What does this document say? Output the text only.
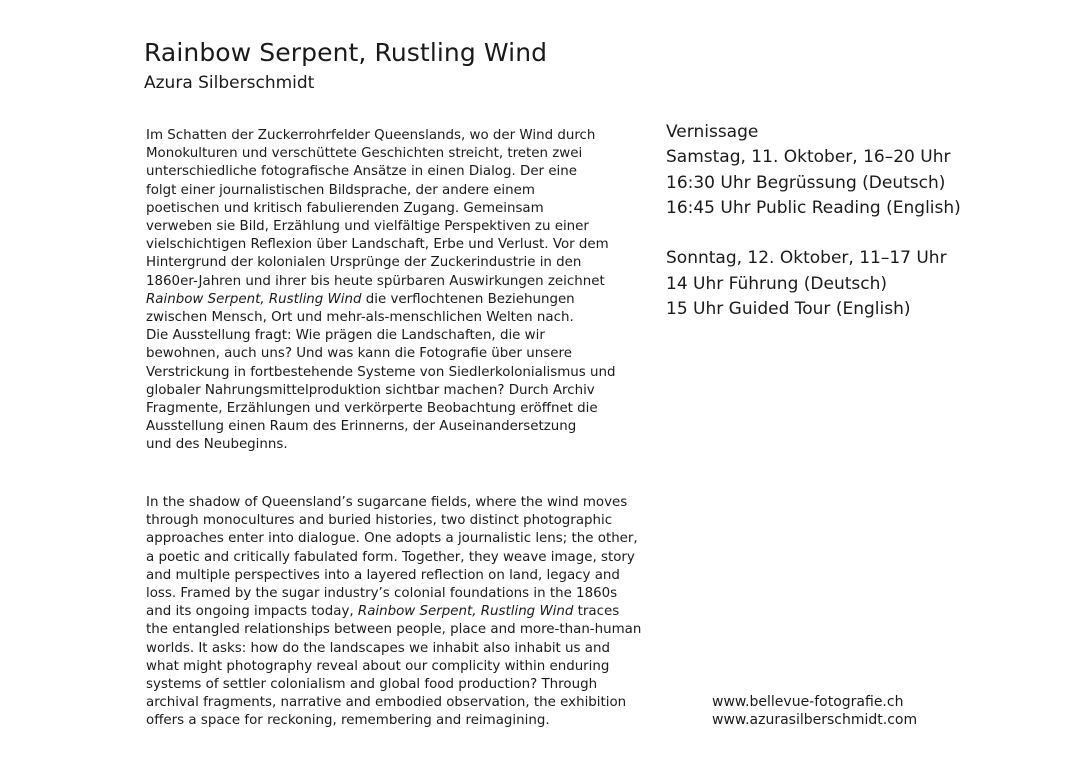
Rainbow Serpent, Rustling Wind
Azura Silberschmidt
Im Schatten der Zuckerrohrfelder Queenslands, wo der Wind durch
Monokulturen und verschüttete Geschichten streicht, treten zwei
unterschiedliche fotografische Ansätze in einen Dialog. Der eine
folgt einer journalistischen Bildsprache, der andere einem
poetischen und kritisch fabulierenden Zugang. Gemeinsam
verweben sie Bild, Erzählung und vielfältige Perspektiven zu einer
vielschichtigen Reflexion über Landschaft, Erbe und Verlust. Vor dem
Hintergrund der kolonialen Ursprünge der Zuckerindustrie in den
1860er-Jahren und ihrer bis heute spürbaren Auswirkungen zeichnet
Rainbow Serpent, Rustling Wind die verflochtenen Beziehungen
zwischen Mensch, Ort und mehr-als-menschlichen Welten nach.
Die Ausstellung fragt: Wie prägen die Landschaften, die wir
bewohnen, auch uns? Und was kann die Fotografie über unsere
Verstrickung in fortbestehende Systeme von Siedlerkolonialismus und
globaler Nahrungsmittelproduktion sichtbar machen? Durch Archiv
Fragmente, Erzählungen und verkörperte Beobachtung eröffnet die
Ausstellung einen Raum des Erinnerns, der Auseinandersetzung
und des Neubeginns.
In the shadow of Queensland’s sugarcane fields, where the wind moves
through monocultures and buried histories, two distinct photographic
approaches enter into dialogue. One adopts a journalistic lens; the other,
a poetic and critically fabulated form. Together, they weave image, story
and multiple perspectives into a layered reflection on land, legacy and
loss. Framed by the sugar industry’s colonial foundations in the 1860s
and its ongoing impacts today, Rainbow Serpent, Rustling Wind traces
the entangled relationships between people, place and more-than-human
worlds. It asks: how do the landscapes we inhabit also inhabit us and
what might photography reveal about our complicity within enduring
systems of settler colonialism and global food production? Through
archival fragments, narrative and embodied observation, the exhibition
offers a space for reckoning, remembering and reimagining.
Vernissage
Samstag, 11. Oktober, 16–20 Uhr
16:30 Uhr Begrüssung (Deutsch)
16:45 Uhr Public Reading (English)
Sonntag, 12. Oktober, 11–17 Uhr
14 Uhr Führung (Deutsch)
15 Uhr Guided Tour (English)
www.bellevue-fotografie.ch
www.azurasilberschmidt.com
